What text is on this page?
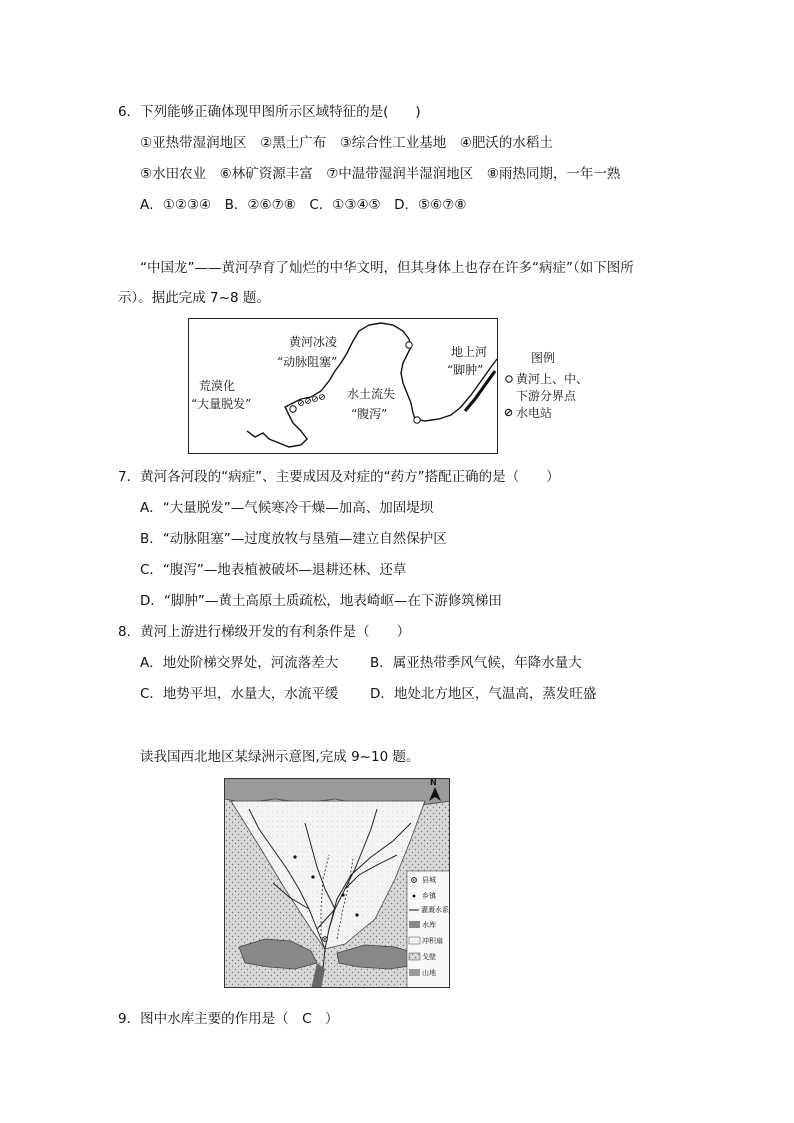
6．下列能够正确体现甲图所示区域特征的是(　　)
①亚热带湿润地区　②黑土广布　③综合性工业基地　④肥沃的水稻土
⑤水田农业　⑥林矿资源丰富　⑦中温带湿润半湿润地区　⑧雨热同期，一年一熟
A．①②③④　B．②⑥⑦⑧　C．①③④⑤　D．⑤⑥⑦⑧
“中国龙”——黄河孕育了灿烂的中华文明，但其身体上也存在许多“病症”（如下图所
示）。据此完成 7~8 题。
黄河冰凌
“动脉阻塞”
荒漠化
“大量脱发”
水土流失
“腹泻”
地上河
“脚肿”
图例
黄河上、中、
下游分界点
水电站
7．黄河各河段的“病症”、主要成因及对症的“药方”搭配正确的是（　　）
A．“大量脱发”—气候寒冷干燥—加高、加固堤坝
B．“动脉阻塞”—过度放牧与垦殖—建立自然保护区
C．“腹泻”—地表植被破坏—退耕还林、还草
D．“脚肿”—黄土高原土质疏松，地表崎岖—在下游修筑梯田
8．黄河上游进行梯级开发的有利条件是（　　）
A．地处阶梯交界处，河流落差大 B．属亚热带季风气候，年降水量大
C．地势平坦，水量大，水流平缓 D．地处北方地区，气温高，蒸发旺盛
读我国西北地区某绿洲示意图,完成 9~10 题。
N
县城
乡镇
灌溉水系
水库
冲积扇
戈壁
山地
9．图中水库主要的作用是（　C　）
